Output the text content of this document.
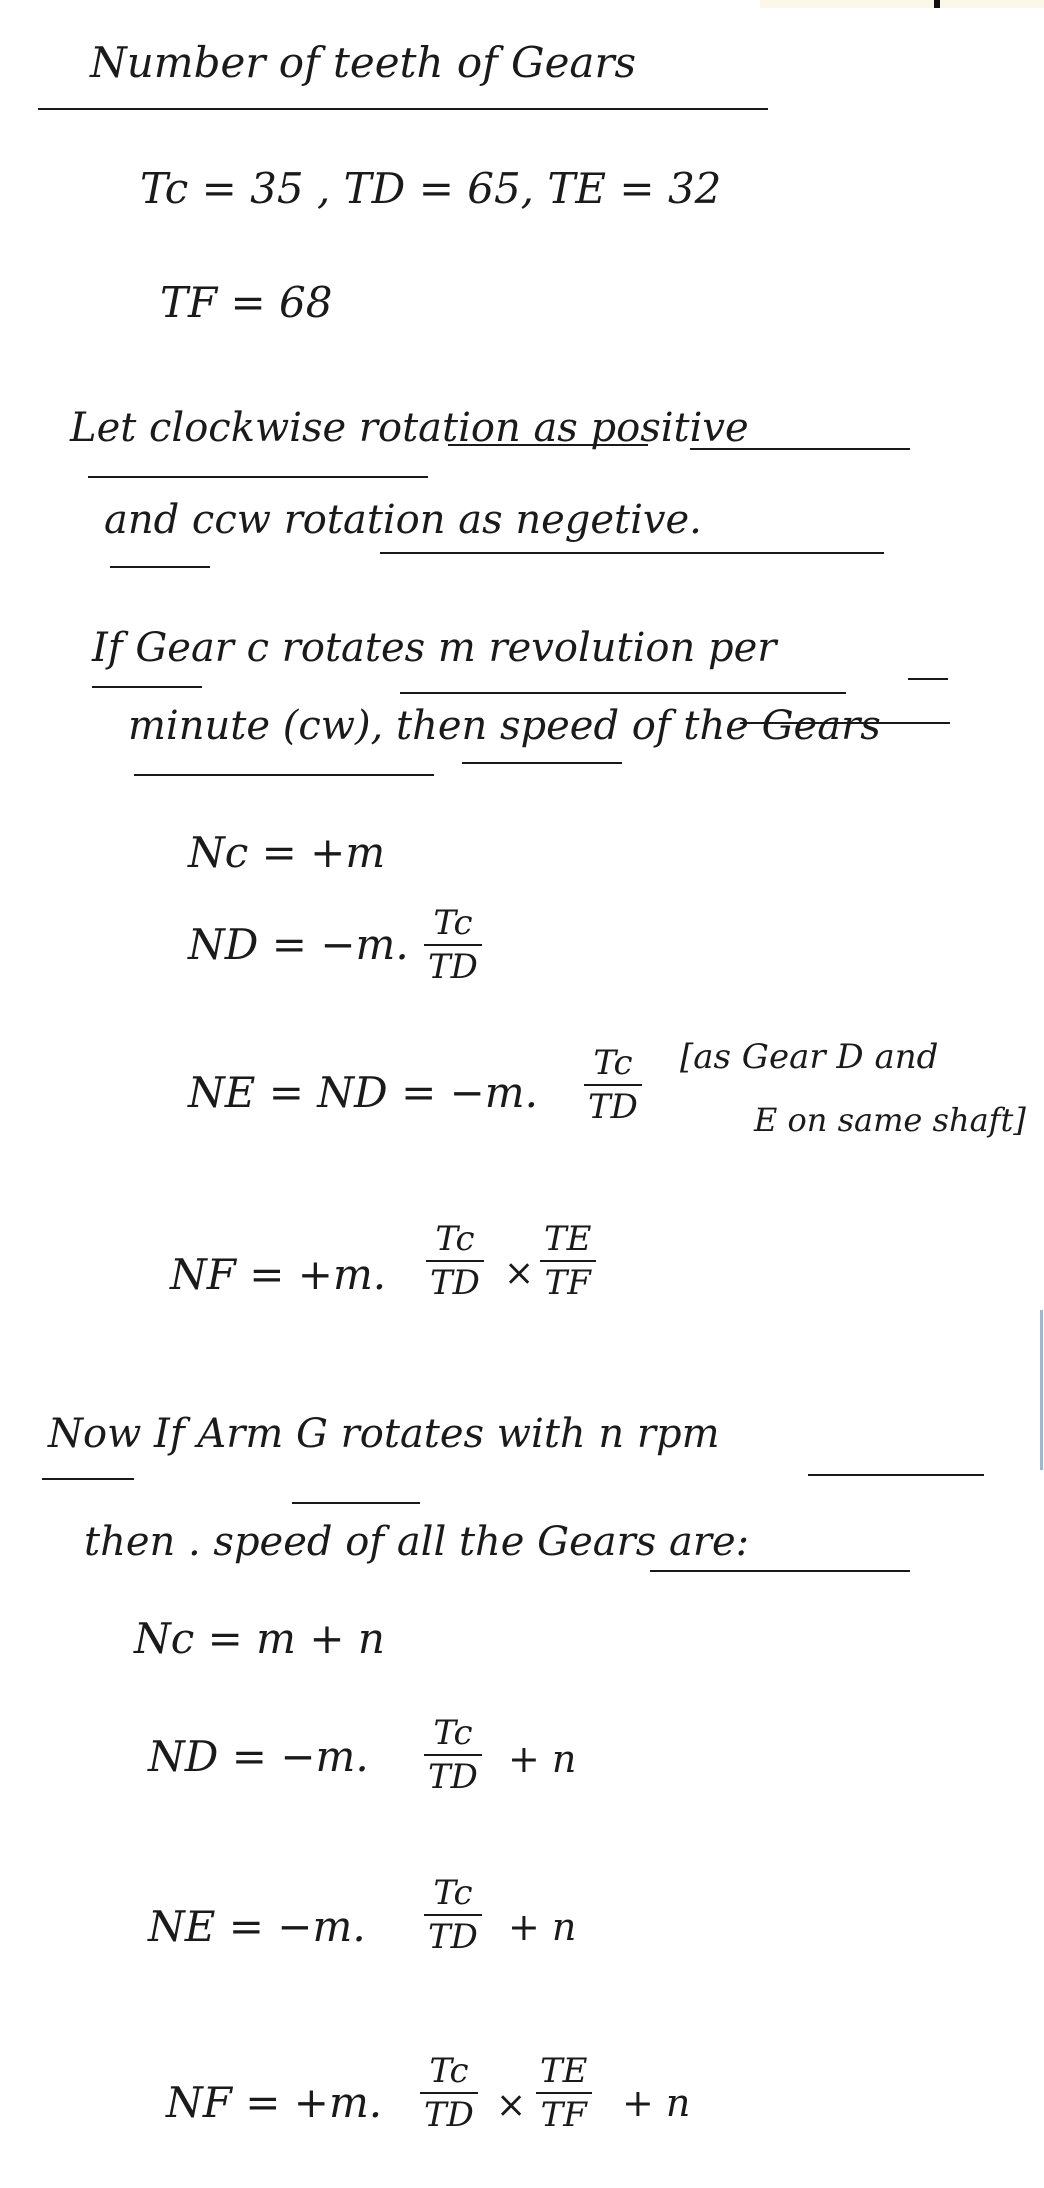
Number of teeth of Gears
Tc = 35 , TD = 65, TE = 32
TF = 68
Let clockwise rotation as positive
and ccw rotation as negetive.
If Gear c rotates m revolution per
minute (cw), then speed of the Gears
Nc = +m
ND = −m. Tc
TD
NE = ND = −m.
Tc
TD
[as Gear D and
E on same shaft]
NF = +m.
Tc
TD ×
TE
TF
Now If Arm G rotates with n rpm
then . speed of all the Gears are:
Nc = m + n
ND = −m. Tc
TD + n
NE = −m.
Tc
TD + n
NF = +m.
Tc
TD ×
TE
TF + n
